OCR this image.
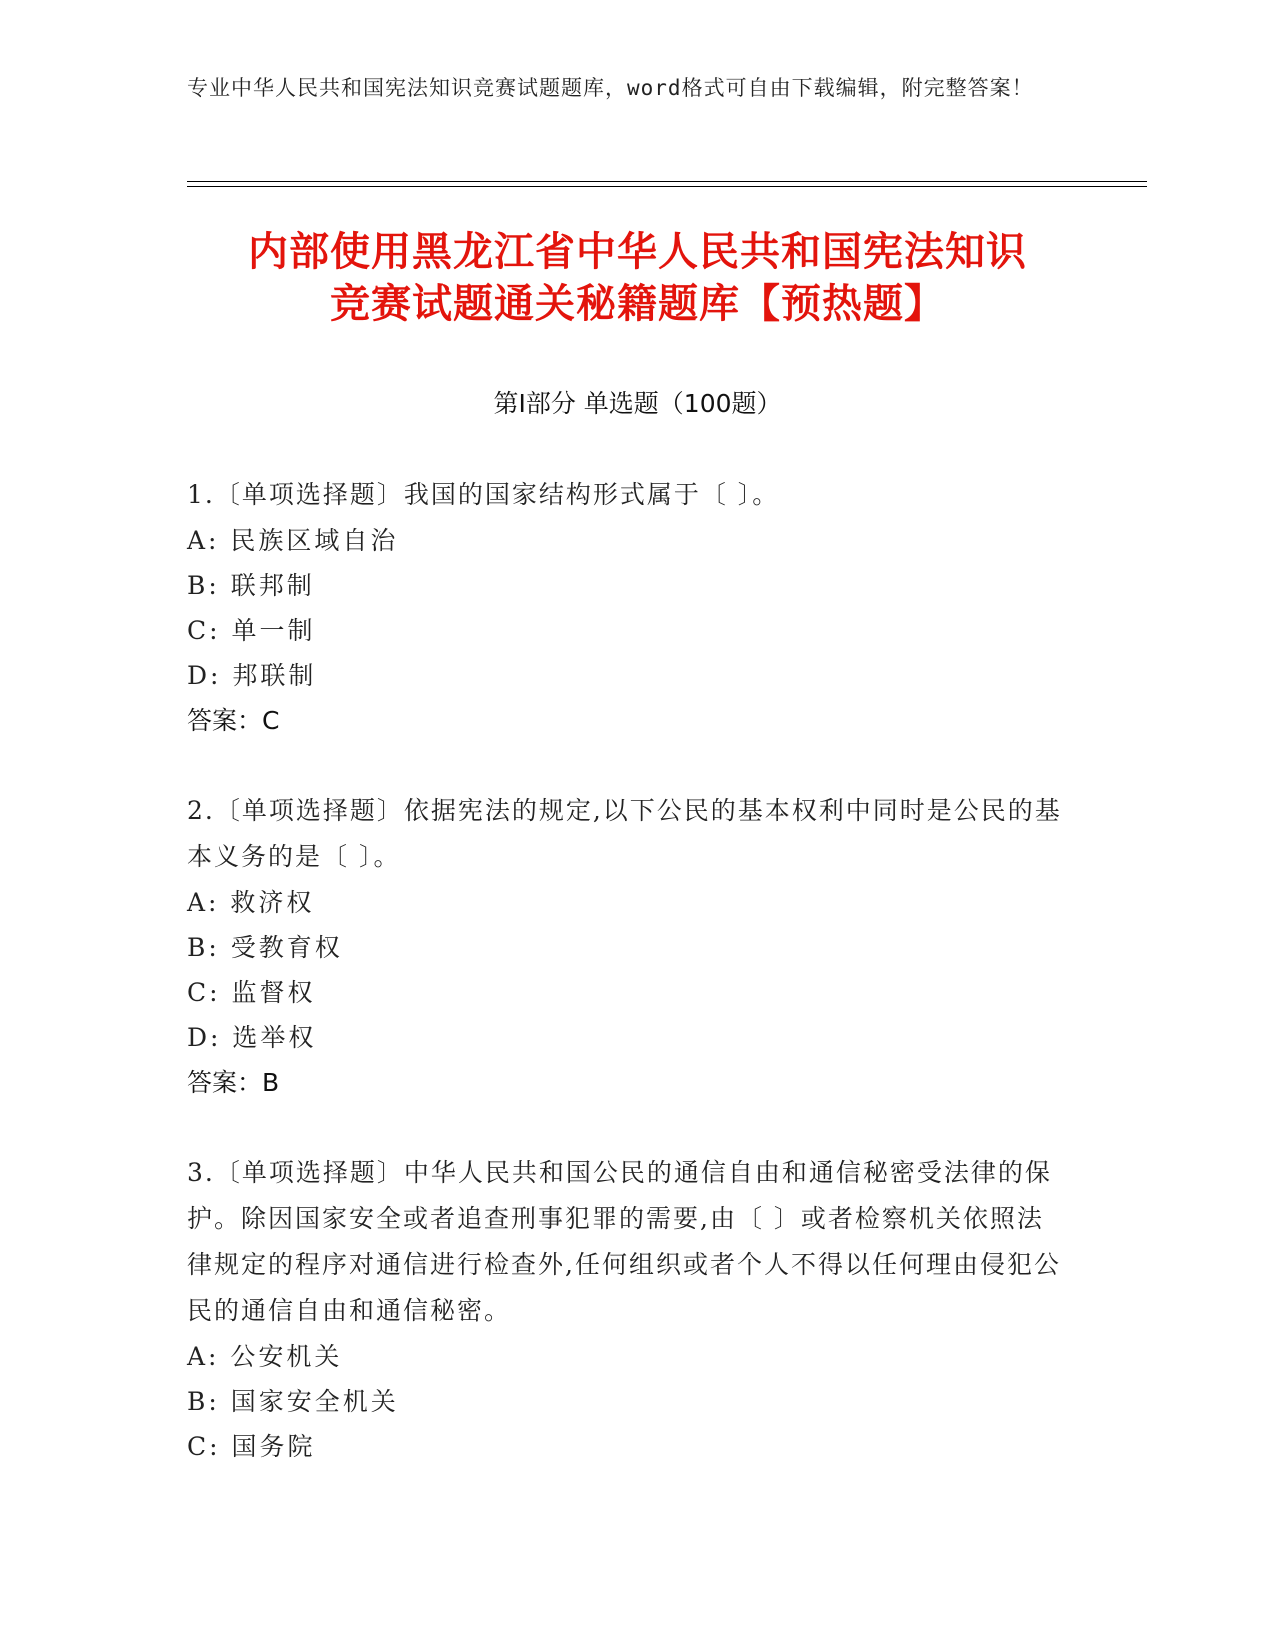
专业中华人民共和国宪法知识竞赛试题题库，word格式可自由下载编辑，附完整答案！
内部使用黑龙江省中华人民共和国宪法知识
竞赛试题通关秘籍题库【预热题】
第I部分 单选题（100题）
1.〔单项选择题〕我国的国家结构形式属于〔 〕。
A: 民族区域自治
B: 联邦制
C: 单一制
D: 邦联制
答案：C
2.〔单项选择题〕依据宪法的规定,以下公民的基本权利中同时是公民的基本义务的是〔 〕。
A: 救济权
B: 受教育权
C: 监督权
D: 选举权
答案：B
3.〔单项选择题〕中华人民共和国公民的通信自由和通信秘密受法律的保护。除因国家安全或者追查刑事犯罪的需要,由〔 〕或者检察机关依照法律规定的程序对通信进行检查外,任何组织或者个人不得以任何理由侵犯公民的通信自由和通信秘密。
A: 公安机关
B: 国家安全机关
C: 国务院
